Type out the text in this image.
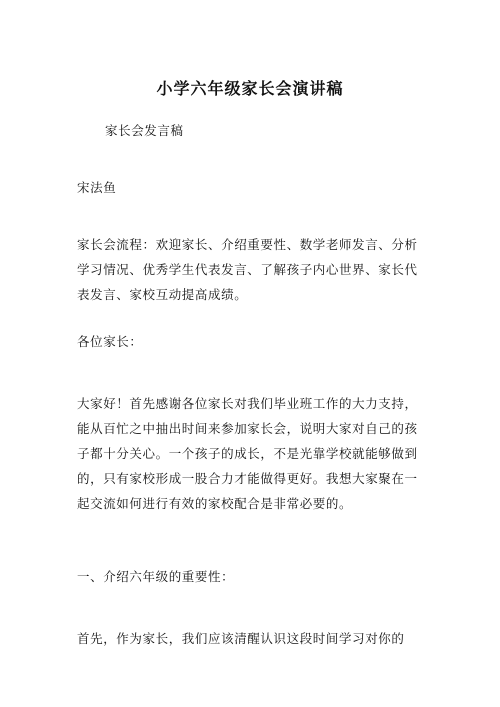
小学六年级家长会演讲稿
家长会发言稿
宋法鱼
家长会流程：欢迎家长、介绍重要性、数学老师发言、分析学习情况、优秀学生代表发言、了解孩子内心世界、家长代表发言、家校互动提高成绩。
各位家长：
大家好！首先感谢各位家长对我们毕业班工作的大力支持，能从百忙之中抽出时间来参加家长会，说明大家对自己的孩子都十分关心。一个孩子的成长，不是光靠学校就能够做到的，只有家校形成一股合力才能做得更好。我想大家聚在一起交流如何进行有效的家校配合是非常必要的。
一、介绍六年级的重要性：
首先，作为家长，我们应该清醒认识这段时间学习对你的
